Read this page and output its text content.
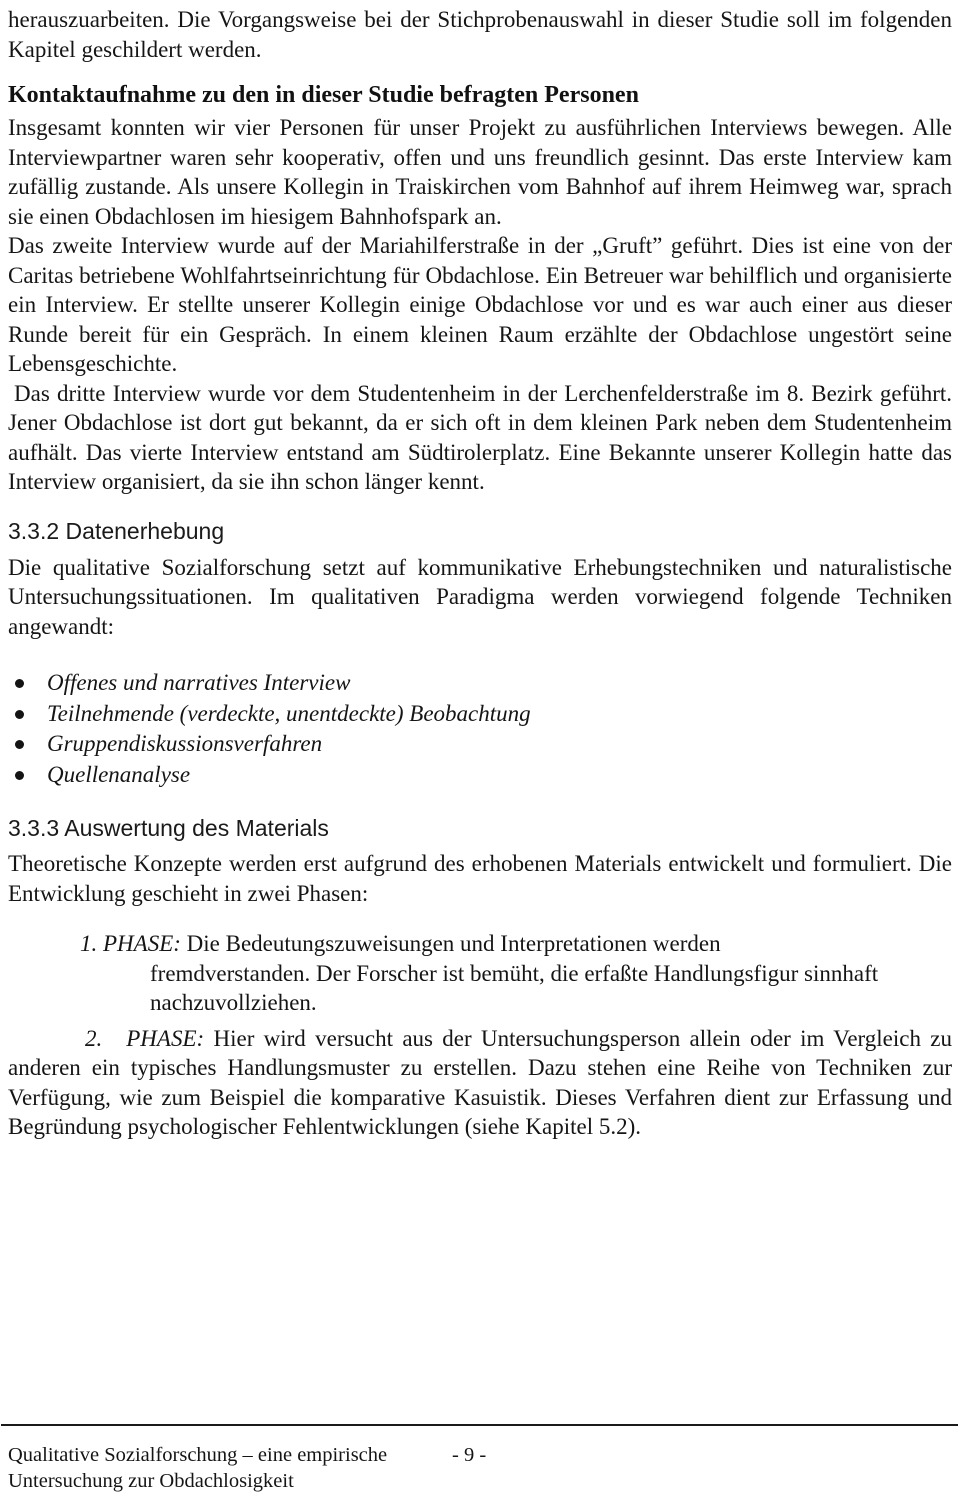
herauszuarbeiten. Die Vorgangsweise bei der Stichprobenauswahl in dieser Studie soll im folgenden Kapitel geschildert werden.

Kontaktaufnahme zu den in dieser Studie befragten Personen

Insgesamt konnten wir vier Personen für unser Projekt zu ausführlichen Interviews bewegen. Alle Interviewpartner waren sehr kooperativ, offen und uns freundlich gesinnt. Das erste Interview kam zufällig zustande. Als unsere Kollegin in Traiskirchen vom Bahnhof auf ihrem Heimweg war, sprach sie einen Obdachlosen im hiesigem Bahnhofspark an.

Das zweite Interview wurde auf der Mariahilferstraße in der „Gruft” geführt. Dies ist eine von der Caritas betriebene Wohlfahrtseinrichtung für Obdachlose. Ein Betreuer war behilflich und organisierte ein Interview. Er stellte unserer Kollegin einige Obdachlose vor und es war auch einer aus dieser Runde bereit für ein Gespräch. In einem kleinen Raum erzählte der Obdachlose ungestört seine Lebensgeschichte.

Das dritte Interview wurde vor dem Studentenheim in der Lerchenfelderstraße im 8. Bezirk geführt. Jener Obdachlose ist dort gut bekannt, da er sich oft in dem kleinen Park neben dem Studentenheim aufhält. Das vierte Interview entstand am Südtirolerplatz. Eine Bekannte unserer Kollegin hatte das Interview organisiert, da sie ihn schon länger kennt.

3.3.2 Datenerhebung

Die qualitative Sozialforschung setzt auf kommunikative Erhebungstechniken und naturalistische Untersuchungssituationen. Im qualitativen Paradigma werden vorwiegend folgende Techniken angewandt:

Offenes und narratives Interview
Teilnehmende (verdeckte, unentdeckte) Beobachtung
Gruppendiskussionsverfahren
Quellenanalyse
3.3.3 Auswertung des Materials

Theoretische Konzepte werden erst aufgrund des erhobenen Materials entwickelt und formuliert. Die Entwicklung geschieht in zwei Phasen:

1. PHASE: Die Bedeutungszuweisungen und Interpretationen werden
fremdverstanden. Der Forscher ist bemüht, die erfaßte Handlungsfigur sinnhaft
nachzuvollziehen.
2. PHASE: Hier wird versucht aus der Untersuchungsperson allein oder im Vergleich zu anderen ein typisches Handlungsmuster zu erstellen. Dazu stehen eine Reihe von Techniken zur Verfügung, wie zum Beispiel die komparative Kasuistik. Dieses Verfahren dient zur Erfassung und Begründung psychologischer Fehlentwicklungen (siehe Kapitel 5.2).
Qualitative Sozialforschung – eine empirische
Untersuchung zur Obdachlosigkeit
- 9 -
